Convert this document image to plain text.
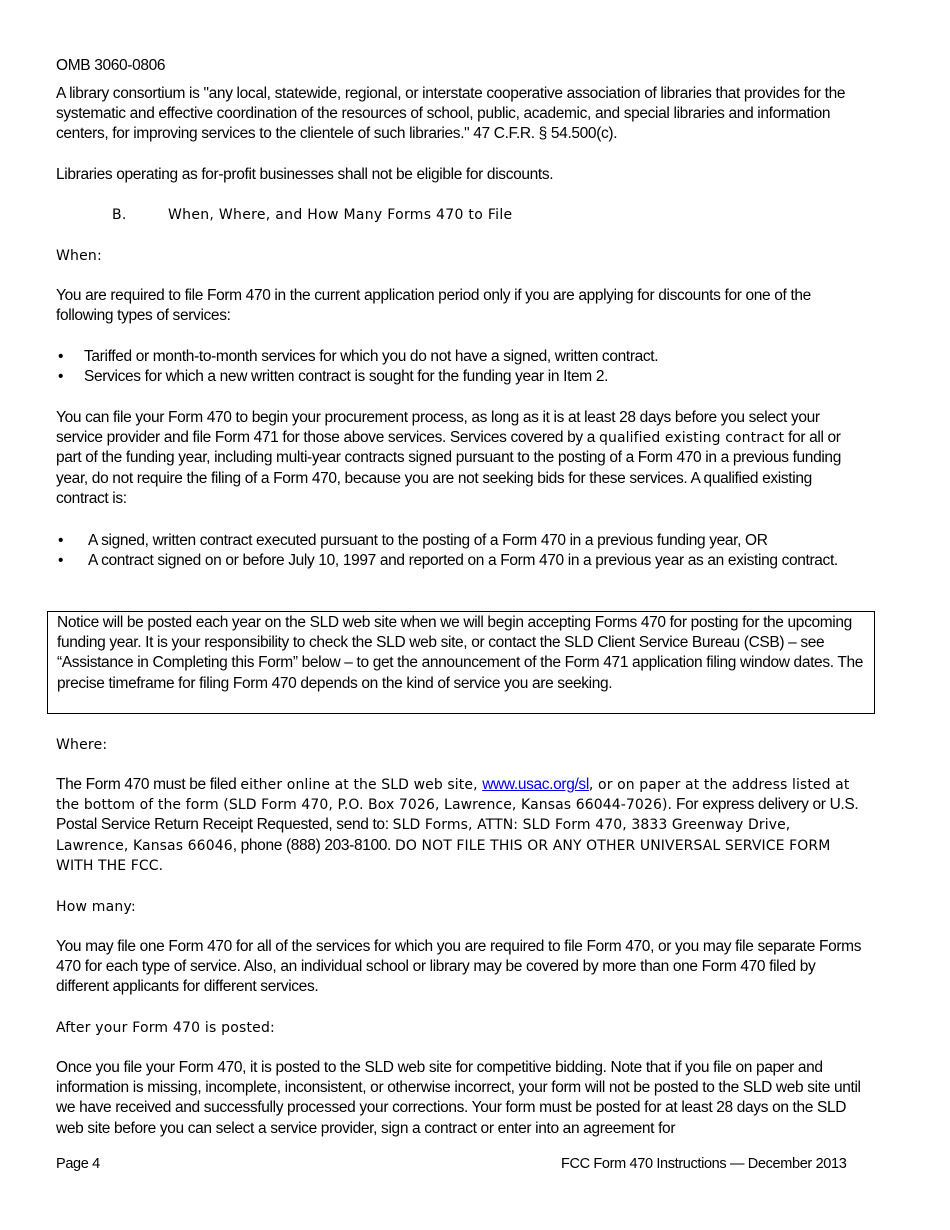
OMB 3060-0806

A library consortium is "any local, statewide, regional, or interstate cooperative association of libraries that provides for the systematic and effective coordination of the resources of school, public, academic, and special libraries and information centers, for improving services to the clientele of such libraries." 47 C.F.R. § 54.500(c).

Libraries operating as for-profit businesses shall not be eligible for discounts.

B.	When, Where, and How Many Forms 470 to File
When:

You are required to file Form 470 in the current application period only if you are applying for discounts for one of the following types of services:

• Tariffed or month-to-month services for which you do not have a signed, written contract.
• Services for which a new written contract is sought for the funding year in Item 2.

You can file your Form 470 to begin your procurement process, as long as it is at least 28 days before you select your service provider and file Form 471 for those above services. Services covered by a qualified existing contract for all or part of the funding year, including multi-year contracts signed pursuant to the posting of a Form 470 in a previous funding year, do not require the filing of a Form 470, because you are not seeking bids for these services. A qualified existing contract is:

• A signed, written contract executed pursuant to the posting of a Form 470 in a previous funding year, OR
• A contract signed on or before July 10, 1997 and reported on a Form 470 in a previous year as an existing contract.

Notice will be posted each year on the SLD web site when we will begin accepting Forms 470 for posting for the upcoming funding year. It is your responsibility to check the SLD web site, or contact the SLD Client Service Bureau (CSB) – see “Assistance in Completing this Form” below – to get the announcement of the Form 471 application filing window dates. The precise timeframe for filing Form 470 depends on the kind of service you are seeking.

Where:

The Form 470 must be filed either online at the SLD web site, www.usac.org/sl, or on paper at the address listed at the bottom of the form (SLD Form 470, P.O. Box 7026, Lawrence, Kansas 66044-7026). For express delivery or U.S. Postal Service Return Receipt Requested, send to: SLD Forms, ATTN: SLD Form 470, 3833 Greenway Drive, Lawrence, Kansas 66046, phone (888) 203-8100. DO NOT FILE THIS OR ANY OTHER UNIVERSAL SERVICE FORM WITH THE FCC.

How many:

You may file one Form 470 for all of the services for which you are required to file Form 470, or you may file separate Forms 470 for each type of service. Also, an individual school or library may be covered by more than one Form 470 filed by different applicants for different services.

After your Form 470 is posted:

Once you file your Form 470, it is posted to the SLD web site for competitive bidding. Note that if you file on paper and information is missing, incomplete, inconsistent, or otherwise incorrect, your form will not be posted to the SLD web site until we have received and successfully processed your corrections. Your form must be posted for at least 28 days on the SLD web site before you can select a service provider, sign a contract or enter into an agreement for

Page 4	FCC Form 470 Instructions — December 2013
